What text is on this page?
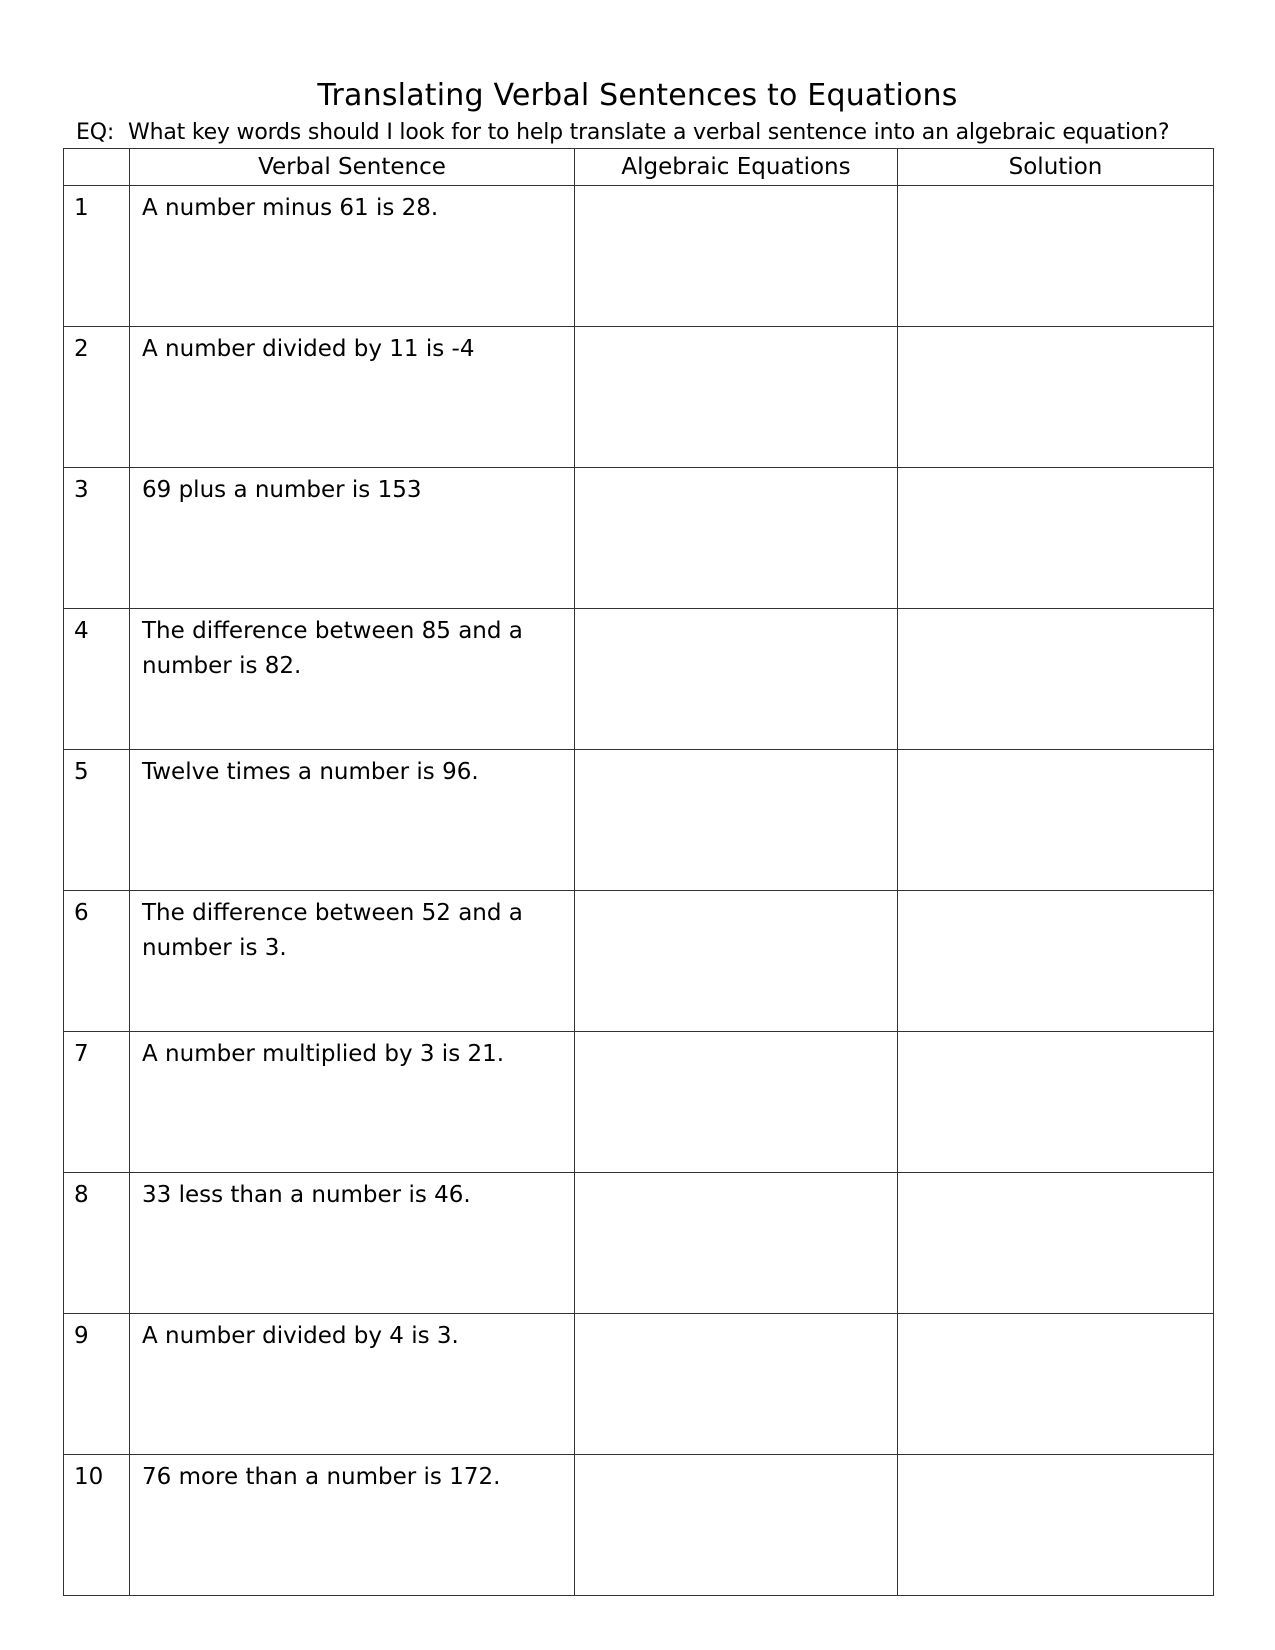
Translating Verbal Sentences to Equations
EQ: What key words should I look for to help translate a verbal sentence into an algebraic equation?
	Verbal Sentence	Algebraic Equations	Solution
1	A number minus 61 is 28.		
2	A number divided by 11 is -4		
3	69 plus a number is 153		
4	The difference between 85 and a number is 82.		
5	Twelve times a number is 96.		
6	The difference between 52 and a number is 3.		
7	A number multiplied by 3 is 21.		
8	33 less than a number is 46.		
9	A number divided by 4 is 3.		
10	76 more than a number is 172.		
